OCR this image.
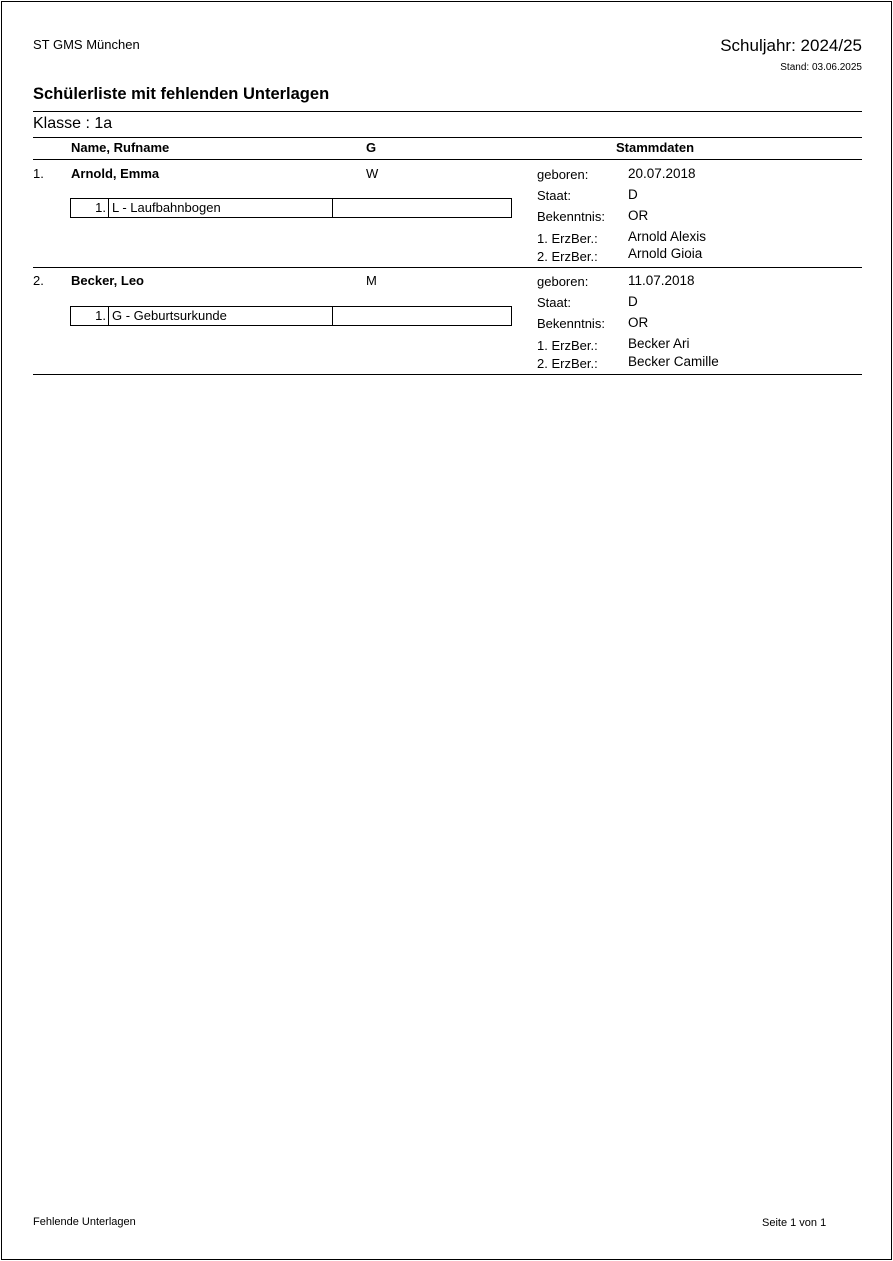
ST GMS München	Schuljahr: 2024/25
Stand: 03.06.2025
Schülerliste mit fehlenden Unterlagen
Klasse : 1a
Name, Rufname	G	Stammdaten
1. Arnold, Emma	W
1. L - Laufbahnbogen
geboren:	20.07.2018
Staat:	D
Bekenntnis: OR
1. ErzBer.: Arnold Alexis
2. ErzBer.: Arnold Gioia
2. Becker, Leo	M
1. G - Geburtsurkunde
geboren:	11.07.2018
Staat:	D
Bekenntnis: OR
1. ErzBer.: Becker Ari
2. ErzBer.: Becker Camille
Fehlende Unterlagen	Seite 1 von 1
